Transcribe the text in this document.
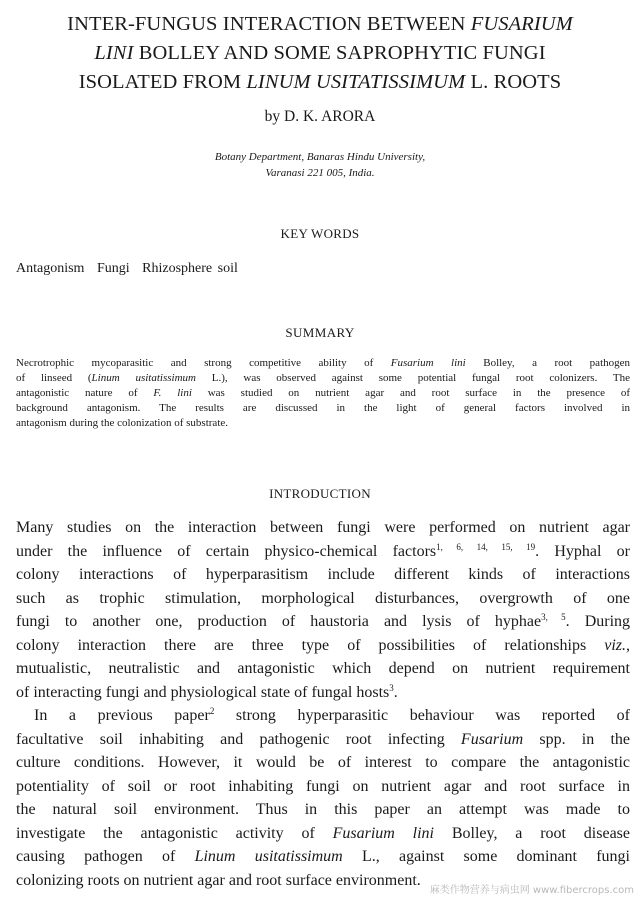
INTER-FUNGUS INTERACTION BETWEEN FUSARIUM
LINI BOLLEY AND SOME SAPROPHYTIC FUNGI
ISOLATED FROM LINUM USITATISSIMUM L. ROOTS
by D. K. ARORA
Botany Department, Banaras Hindu University,
Varanasi 221 005, India.
KEY WORDS
Antagonism Fungi Rhizosphere soil
SUMMARY
Necrotrophic mycoparasitic and strong competitive ability of Fusarium lini Bolley, a root pathogen
of linseed (Linum usitatissimum L.), was observed against some potential fungal root colonizers. The
antagonistic nature of F. lini was studied on nutrient agar and root surface in the presence of
background antagonism. The results are discussed in the light of general factors involved in
antagonism during the colonization of substrate.
INTRODUCTION
Many studies on the interaction between fungi were performed on nutrient agar
under the influence of certain physico-chemical factors$^{1, 6, 14, 15, 19}$. Hyphal or
colony interactions of hyperparasitism include different kinds of interactions
such as trophic stimulation, morphological disturbances, overgrowth of one
fungi to another one, production of haustoria and lysis of hyphae$^{3, 5}$. During
colony interaction there are three type of possibilities of relationships viz.,
mutualistic, neutralistic and antagonistic which depend on nutrient requirement
of interacting fungi and physiological state of fungal hosts$^3$.
In a previous paper$^2$ strong hyperparasitic behaviour was reported of
facultative soil inhabiting and pathogenic root infecting Fusarium spp. in the
culture conditions. However, it would be of interest to compare the antagonistic
potentiality of soil or root inhabiting fungi on nutrient agar and root surface in
the natural soil environment. Thus in this paper an attempt was made to
investigate the antagonistic activity of Fusarium lini Bolley, a root disease
causing pathogen of Linum usitatissimum L., against some dominant fungi
colonizing roots on nutrient agar and root surface environment.
麻类作物营养与病虫网 www.fibercrops.com
